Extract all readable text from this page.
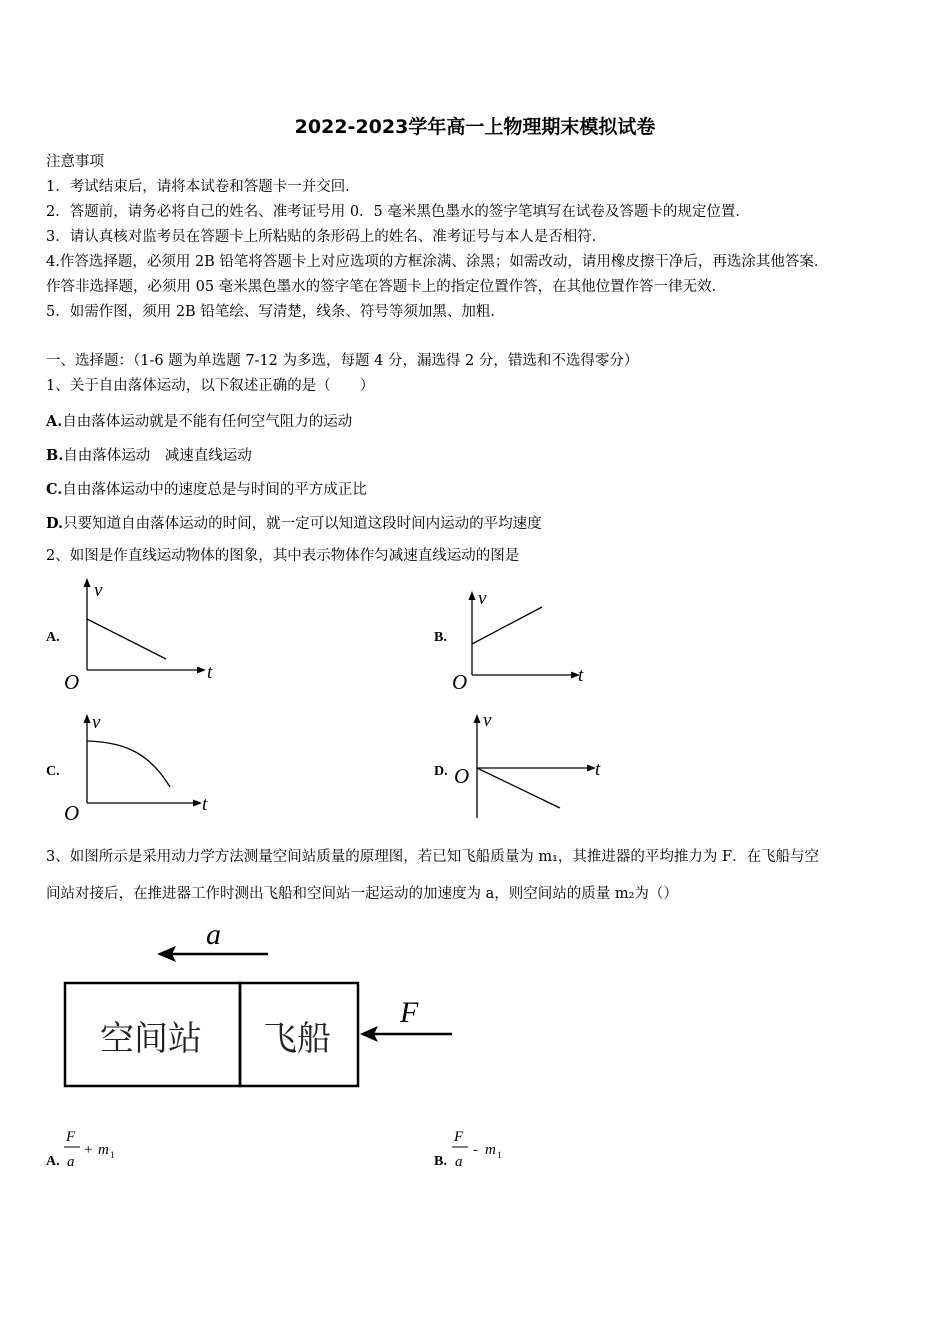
2022-2023学年高一上物理期末模拟试卷
注意事项
1．考试结束后，请将本试卷和答题卡一并交回．
2．答题前，请务必将自己的姓名、准考证号用 0．5 毫米黑色墨水的签字笔填写在试卷及答题卡的规定位置．
3．请认真核对监考员在答题卡上所粘贴的条形码上的姓名、准考证号与本人是否相符．
4.作答选择题，必须用 2B 铅笔将答题卡上对应选项的方框涂满、涂黑；如需改动，请用橡皮擦干净后，再选涂其他答案．
作答非选择题，必须用 05 毫米黑色墨水的签字笔在答题卡上的指定位置作答，在其他位置作答一律无效．
5．如需作图，须用 2B 铅笔绘、写清楚，线条、符号等须加黑、加粗．
一、选择题：（1-6 题为单选题 7-12 为多选，每题 4 分，漏选得 2 分，错选和不选得零分）
1、关于自由落体运动，以下叙述正确的是（　　）
A.自由落体运动就是不能有任何空气阻力的运动
B.自由落体运动　减速直线运动
C.自由落体运动中的速度总是与时间的平方成正比
D.只要知道自由落体运动的时间，就一定可以知道这段时间内运动的平均速度
2、如图是作直线运动物体的图象，其中表示物体作匀减速直线运动的图是
A.
v
t
O
B.
v
t
O
C.
v
t
O
D.
v
t
O
3、如图所示是采用动力学方法测量空间站质量的原理图，若已知飞船质量为 m₁，其推进器的平均推力为 F．在飞船与空
间站对接后，在推进器工作时测出飞船和空间站一起运动的加速度为 a，则空间站的质量 m₂为（）
a
空间站 飞船
F
A.
F
a
+ m 1	B.
F
a
- m 1
